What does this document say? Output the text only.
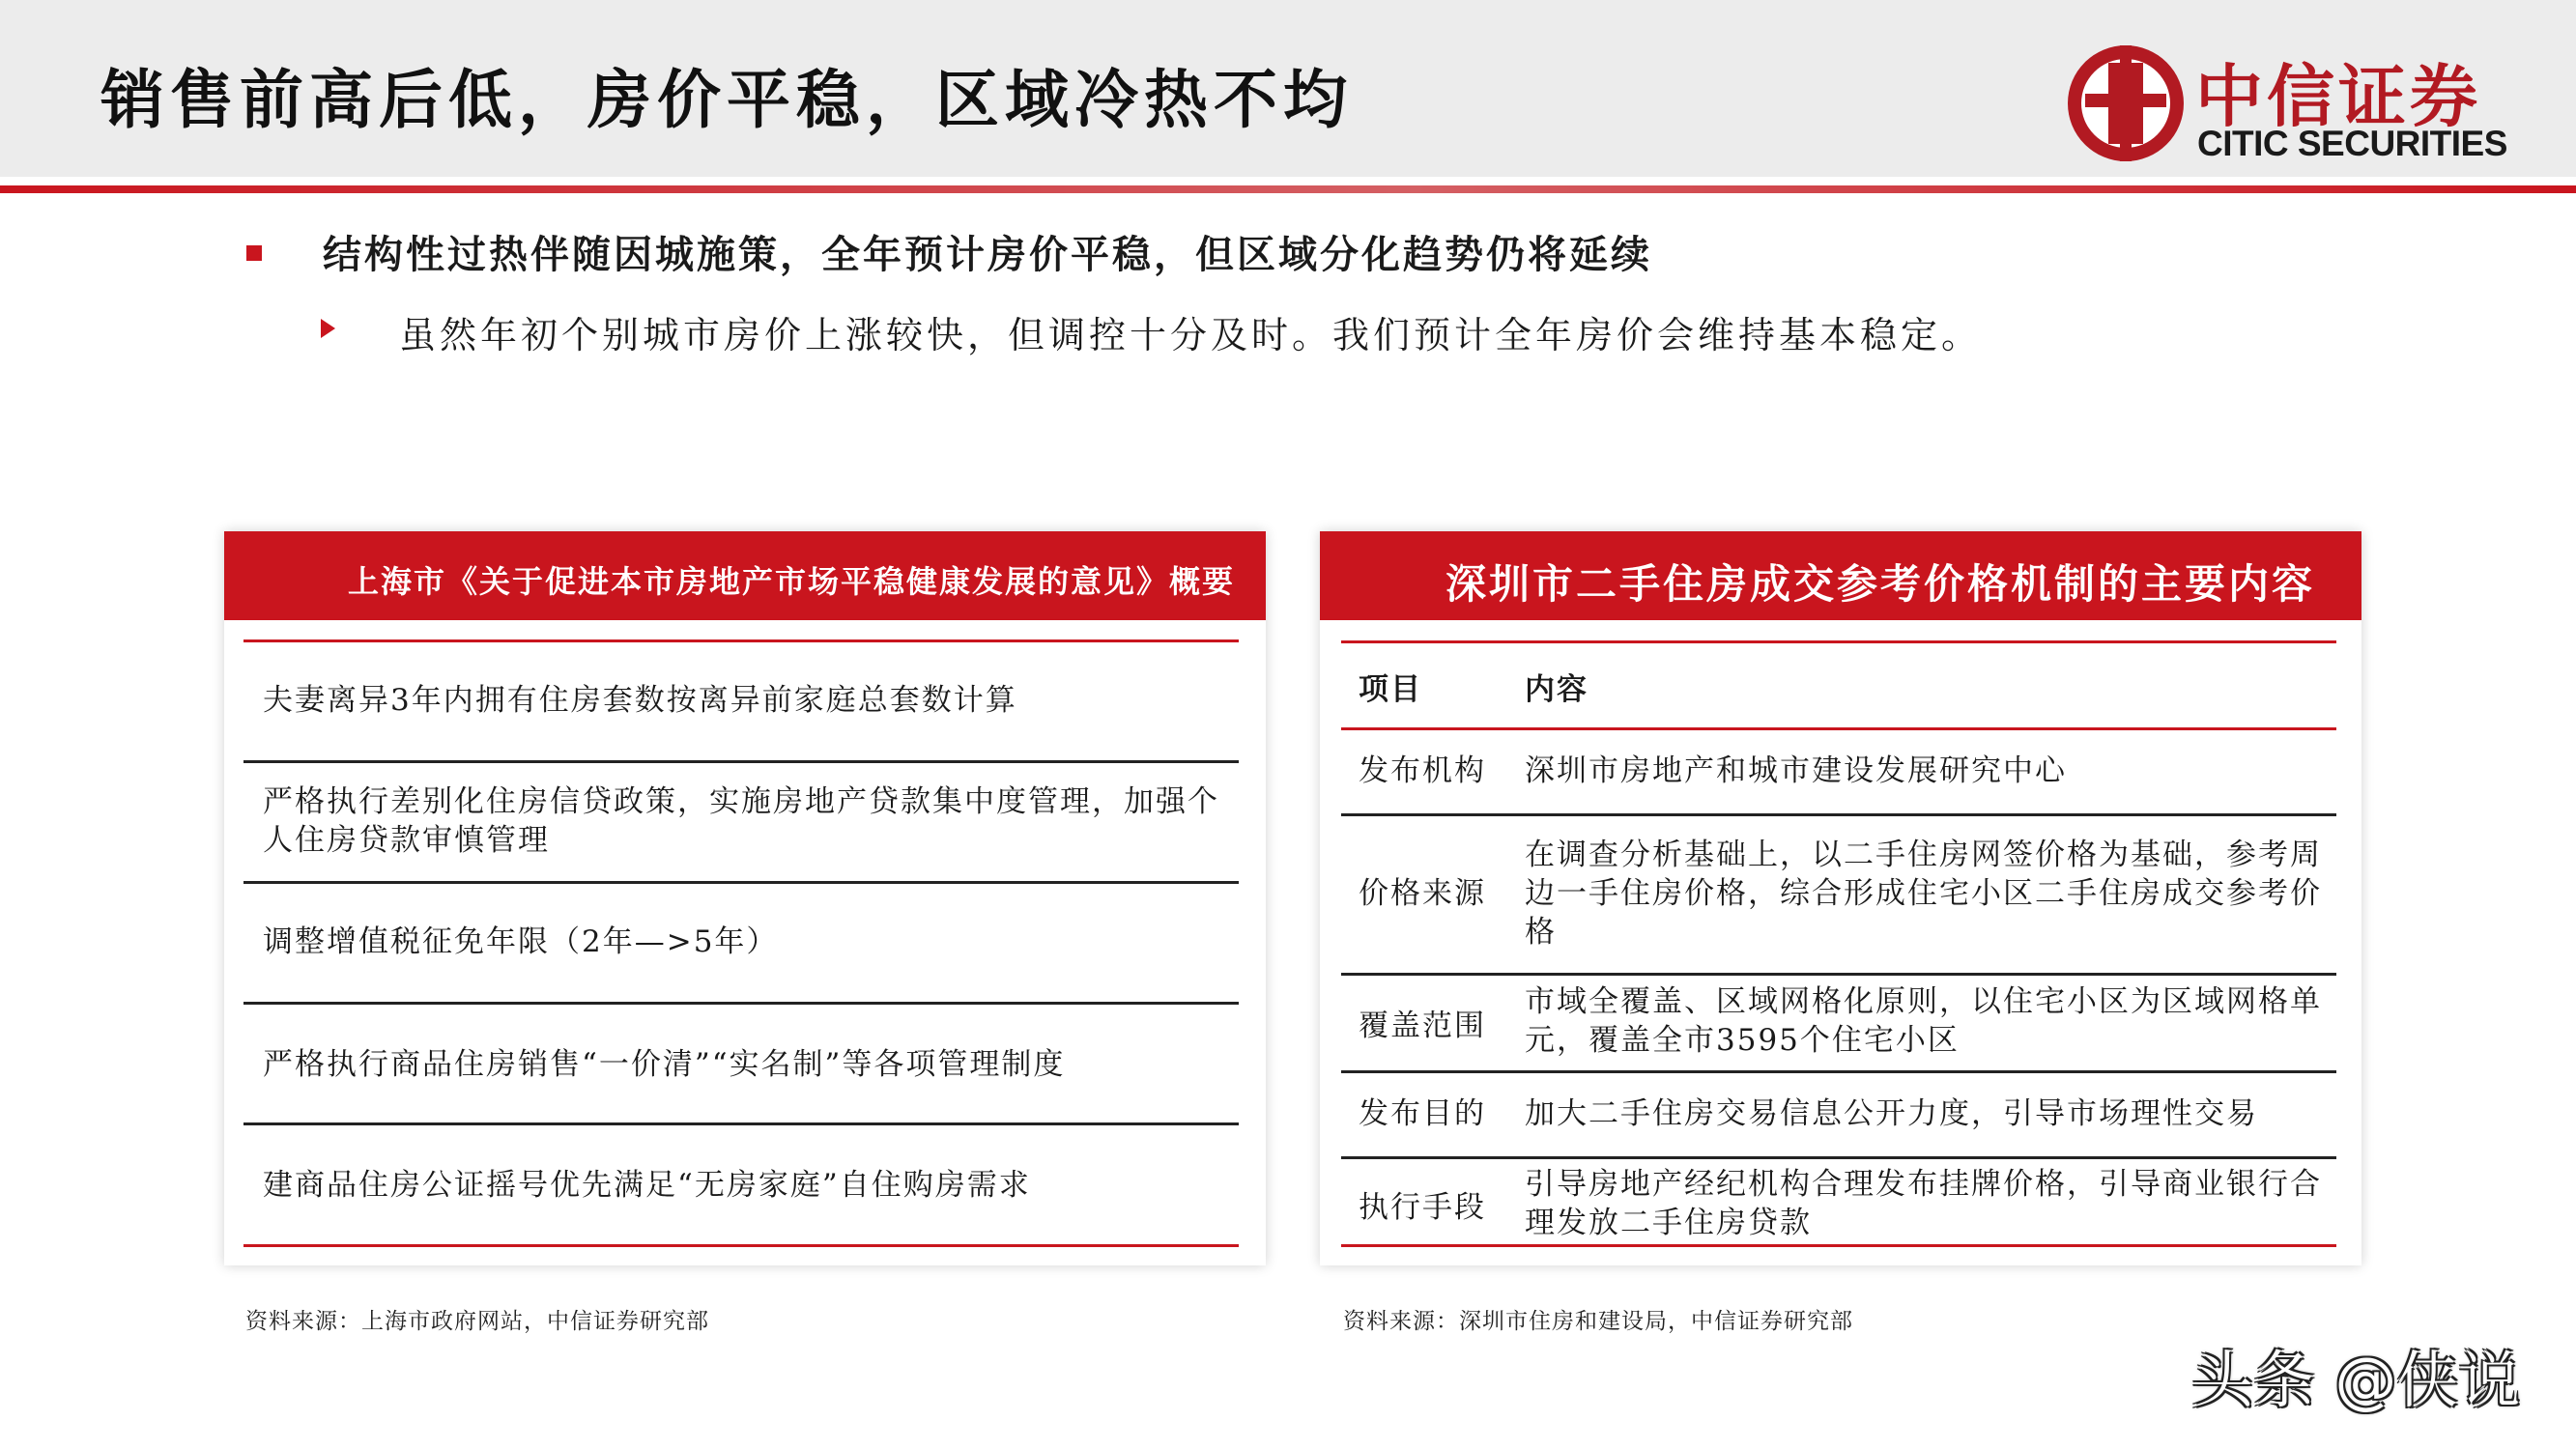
销售前高后低，房价平稳，区域冷热不均	中信证券
CITIC SECURITIES
结构性过热伴随因城施策，全年预计房价平稳，但区域分化趋势仍将延续
虽然年初个别城市房价上涨较快，但调控十分及时。我们预计全年房价会维持基本稳定。
上海市《关于促进本市房地产市场平稳健康发展的意见》概要
夫妻离异3年内拥有住房套数按离异前家庭总套数计算
严格执行差别化住房信贷政策，实施房地产贷款集中度管理，加强个人住房贷款审慎管理
调整增值税征免年限（2年—>5年）
严格执行商品住房销售“一价清”“实名制”等各项管理制度
建商品住房公证摇号优先满足“无房家庭”自住购房需求
资料来源：上海市政府网站，中信证券研究部
深圳市二手住房成交参考价格机制的主要内容
项目	内容
发布机构 深圳市房地产和城市建设发展研究中心
价格来源
在调查分析基础上，以二手住房网签价格为基础，参考周边一手住房价格，综合形成住宅小区二手住房成交参考价格
覆盖范围
市域全覆盖、区域网格化原则，以住宅小区为区域网格单元，覆盖全市3595个住宅小区
发布目的 加大二手住房交易信息公开力度，引导市场理性交易
执行手段
引导房地产经纪机构合理发布挂牌价格，引导商业银行合理发放二手住房贷款
资料来源：深圳市住房和建设局，中信证券研究部
头条 @侠说
